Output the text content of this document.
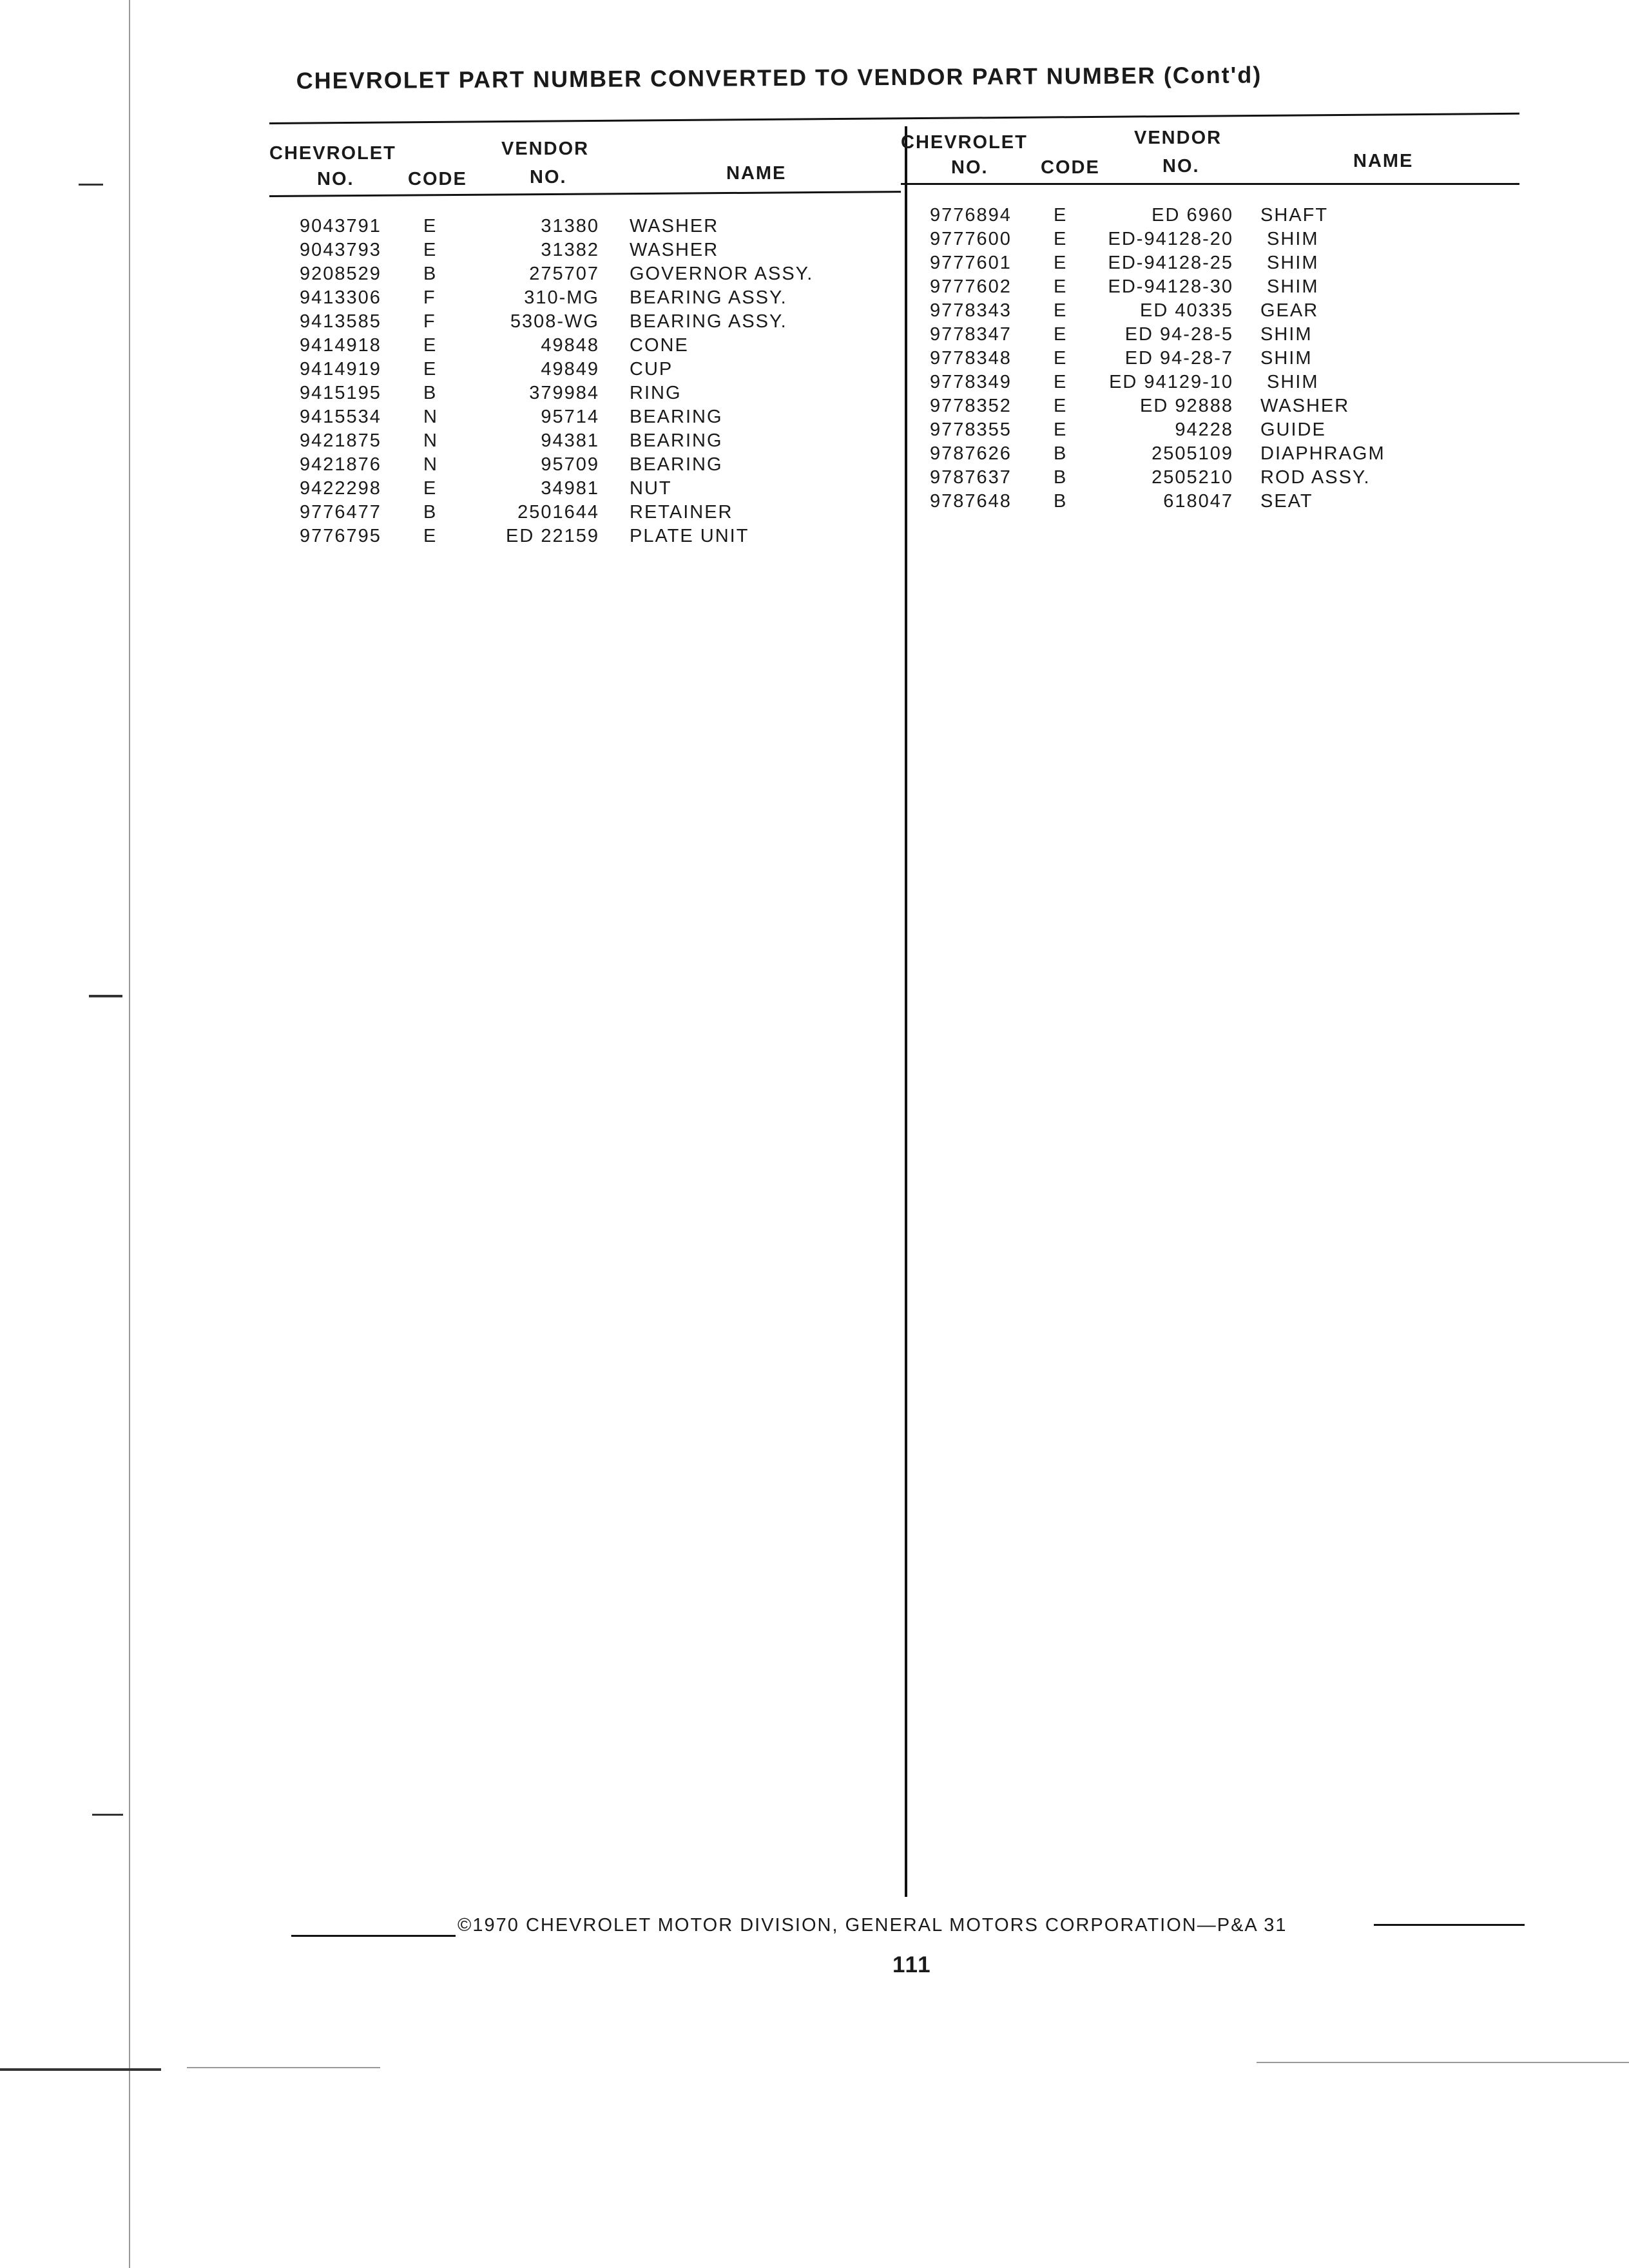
CHEVROLET PART NUMBER CONVERTED TO VENDOR PART NUMBER (Cont'd)
CHEVROLET
NO.	CODE
VENDOR
NO.	NAME
CHEVROLET
NO.	CODE
VENDOR
NO.	NAME
9043791 E	31380 WASHER
9043793 E	31382 WASHER
9208529 B	275707 GOVERNOR ASSY.
9413306 F	310-MG BEARING ASSY.
9413585 F	5308-WG BEARING ASSY.
9414918 E	49848 CONE
9414919 E	49849 CUP
9415195 B	379984 RING
9415534 N	95714 BEARING
9421875 N	94381 BEARING
9421876 N	95709 BEARING
9422298 E	34981 NUT
9776477 B	2501644 RETAINER
9776795 E	ED 22159 PLATE UNIT
9776894 E	ED 6960 SHAFT
9777600 E	ED-94128-20 SHIM
9777601 E	ED-94128-25 SHIM
9777602 E	ED-94128-30 SHIM
9778343 E	ED 40335 GEAR
9778347 E	ED 94-28-5 SHIM
9778348 E	ED 94-28-7 SHIM
9778349 E	ED 94129-10 SHIM
9778352 E	ED 92888 WASHER
9778355 E	94228 GUIDE
9787626 B	2505109 DIAPHRAGM
9787637 B	2505210 ROD ASSY.
9787648 B	618047 SEAT
©1970 CHEVROLET MOTOR DIVISION, GENERAL MOTORS CORPORATION—P&A 31
111
